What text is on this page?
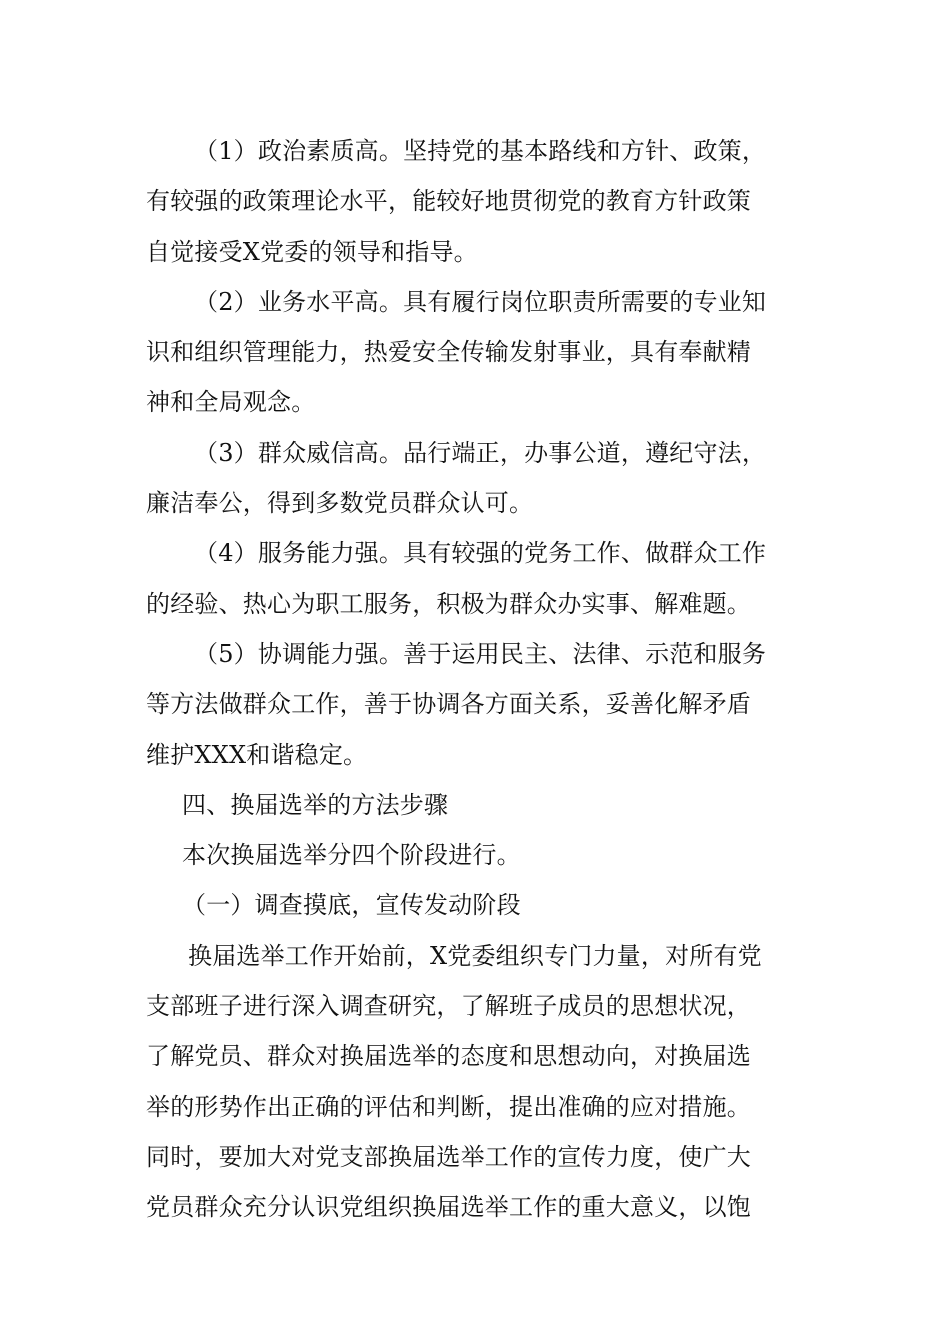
（1）政治素质高。坚持党的基本路线和方针、政策，
有较强的政策理论水平，能较好地贯彻党的教育方针政策
自觉接受X党委的领导和指导。
（2）业务水平高。具有履行岗位职责所需要的专业知
识和组织管理能力，热爱安全传输发射事业，具有奉献精
神和全局观念。
（3）群众威信高。品行端正，办事公道，遵纪守法，
廉洁奉公，得到多数党员群众认可。
（4）服务能力强。具有较强的党务工作、做群众工作
的经验、热心为职工服务，积极为群众办实事、解难题。
（5）协调能力强。善于运用民主、法律、示范和服务
等方法做群众工作，善于协调各方面关系，妥善化解矛盾
维护XXX和谐稳定。
四、换届选举的方法步骤
本次换届选举分四个阶段进行。
（一）调查摸底，宣传发动阶段
换届选举工作开始前，X党委组织专门力量，对所有党
支部班子进行深入调查研究，了解班子成员的思想状况，
了解党员、群众对换届选举的态度和思想动向，对换届选
举的形势作出正确的评估和判断，提出准确的应对措施。
同时，要加大对党支部换届选举工作的宣传力度，使广大
党员群众充分认识党组织换届选举工作的重大意义，以饱
